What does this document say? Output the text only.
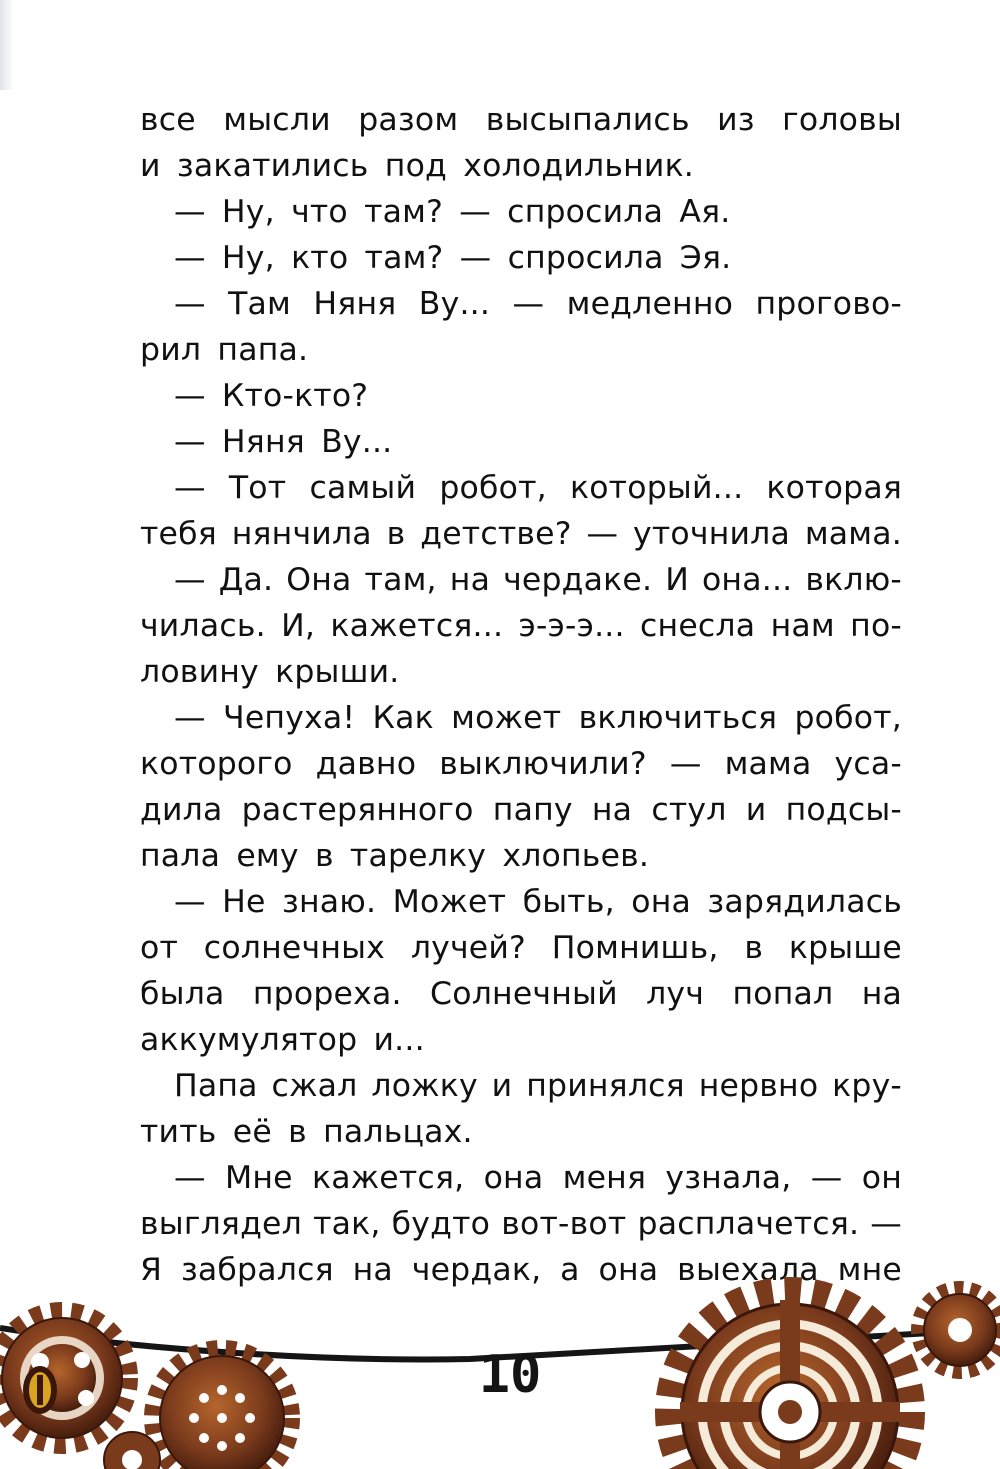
все мысли разом высыпались из головы
и закатились под холодильник.
— Ну, что там? — спросила Ая.
— Ну, кто там? — спросила Эя.
— Там Няня Ву... — медленно прогово-
рил папа.
— Кто-кто?
— Няня Ву...
— Тот самый робот, который... которая
тебя нянчила в детстве? — уточнила мама.
— Да. Она там, на чердаке. И она... вклю-
чилась. И, кажется... э-э-э... снесла нам по-
ловину крыши.
— Чепуха! Как может включиться робот,
которого давно выключили? — мама уса-
дила растерянного папу на стул и подсы-
пала ему в тарелку хлопьев.
— Не знаю. Может быть, она зарядилась
от солнечных лучей? Помнишь, в крыше
была прореха. Солнечный луч попал на
аккумулятор и...
Папа сжал ложку и принялся нервно кру-
тить её в пальцах.
— Мне кажется, она меня узнала, — он
выглядел так, будто вот-вот расплачется. —
Я забрался на чердак, а она выехала мне
10
